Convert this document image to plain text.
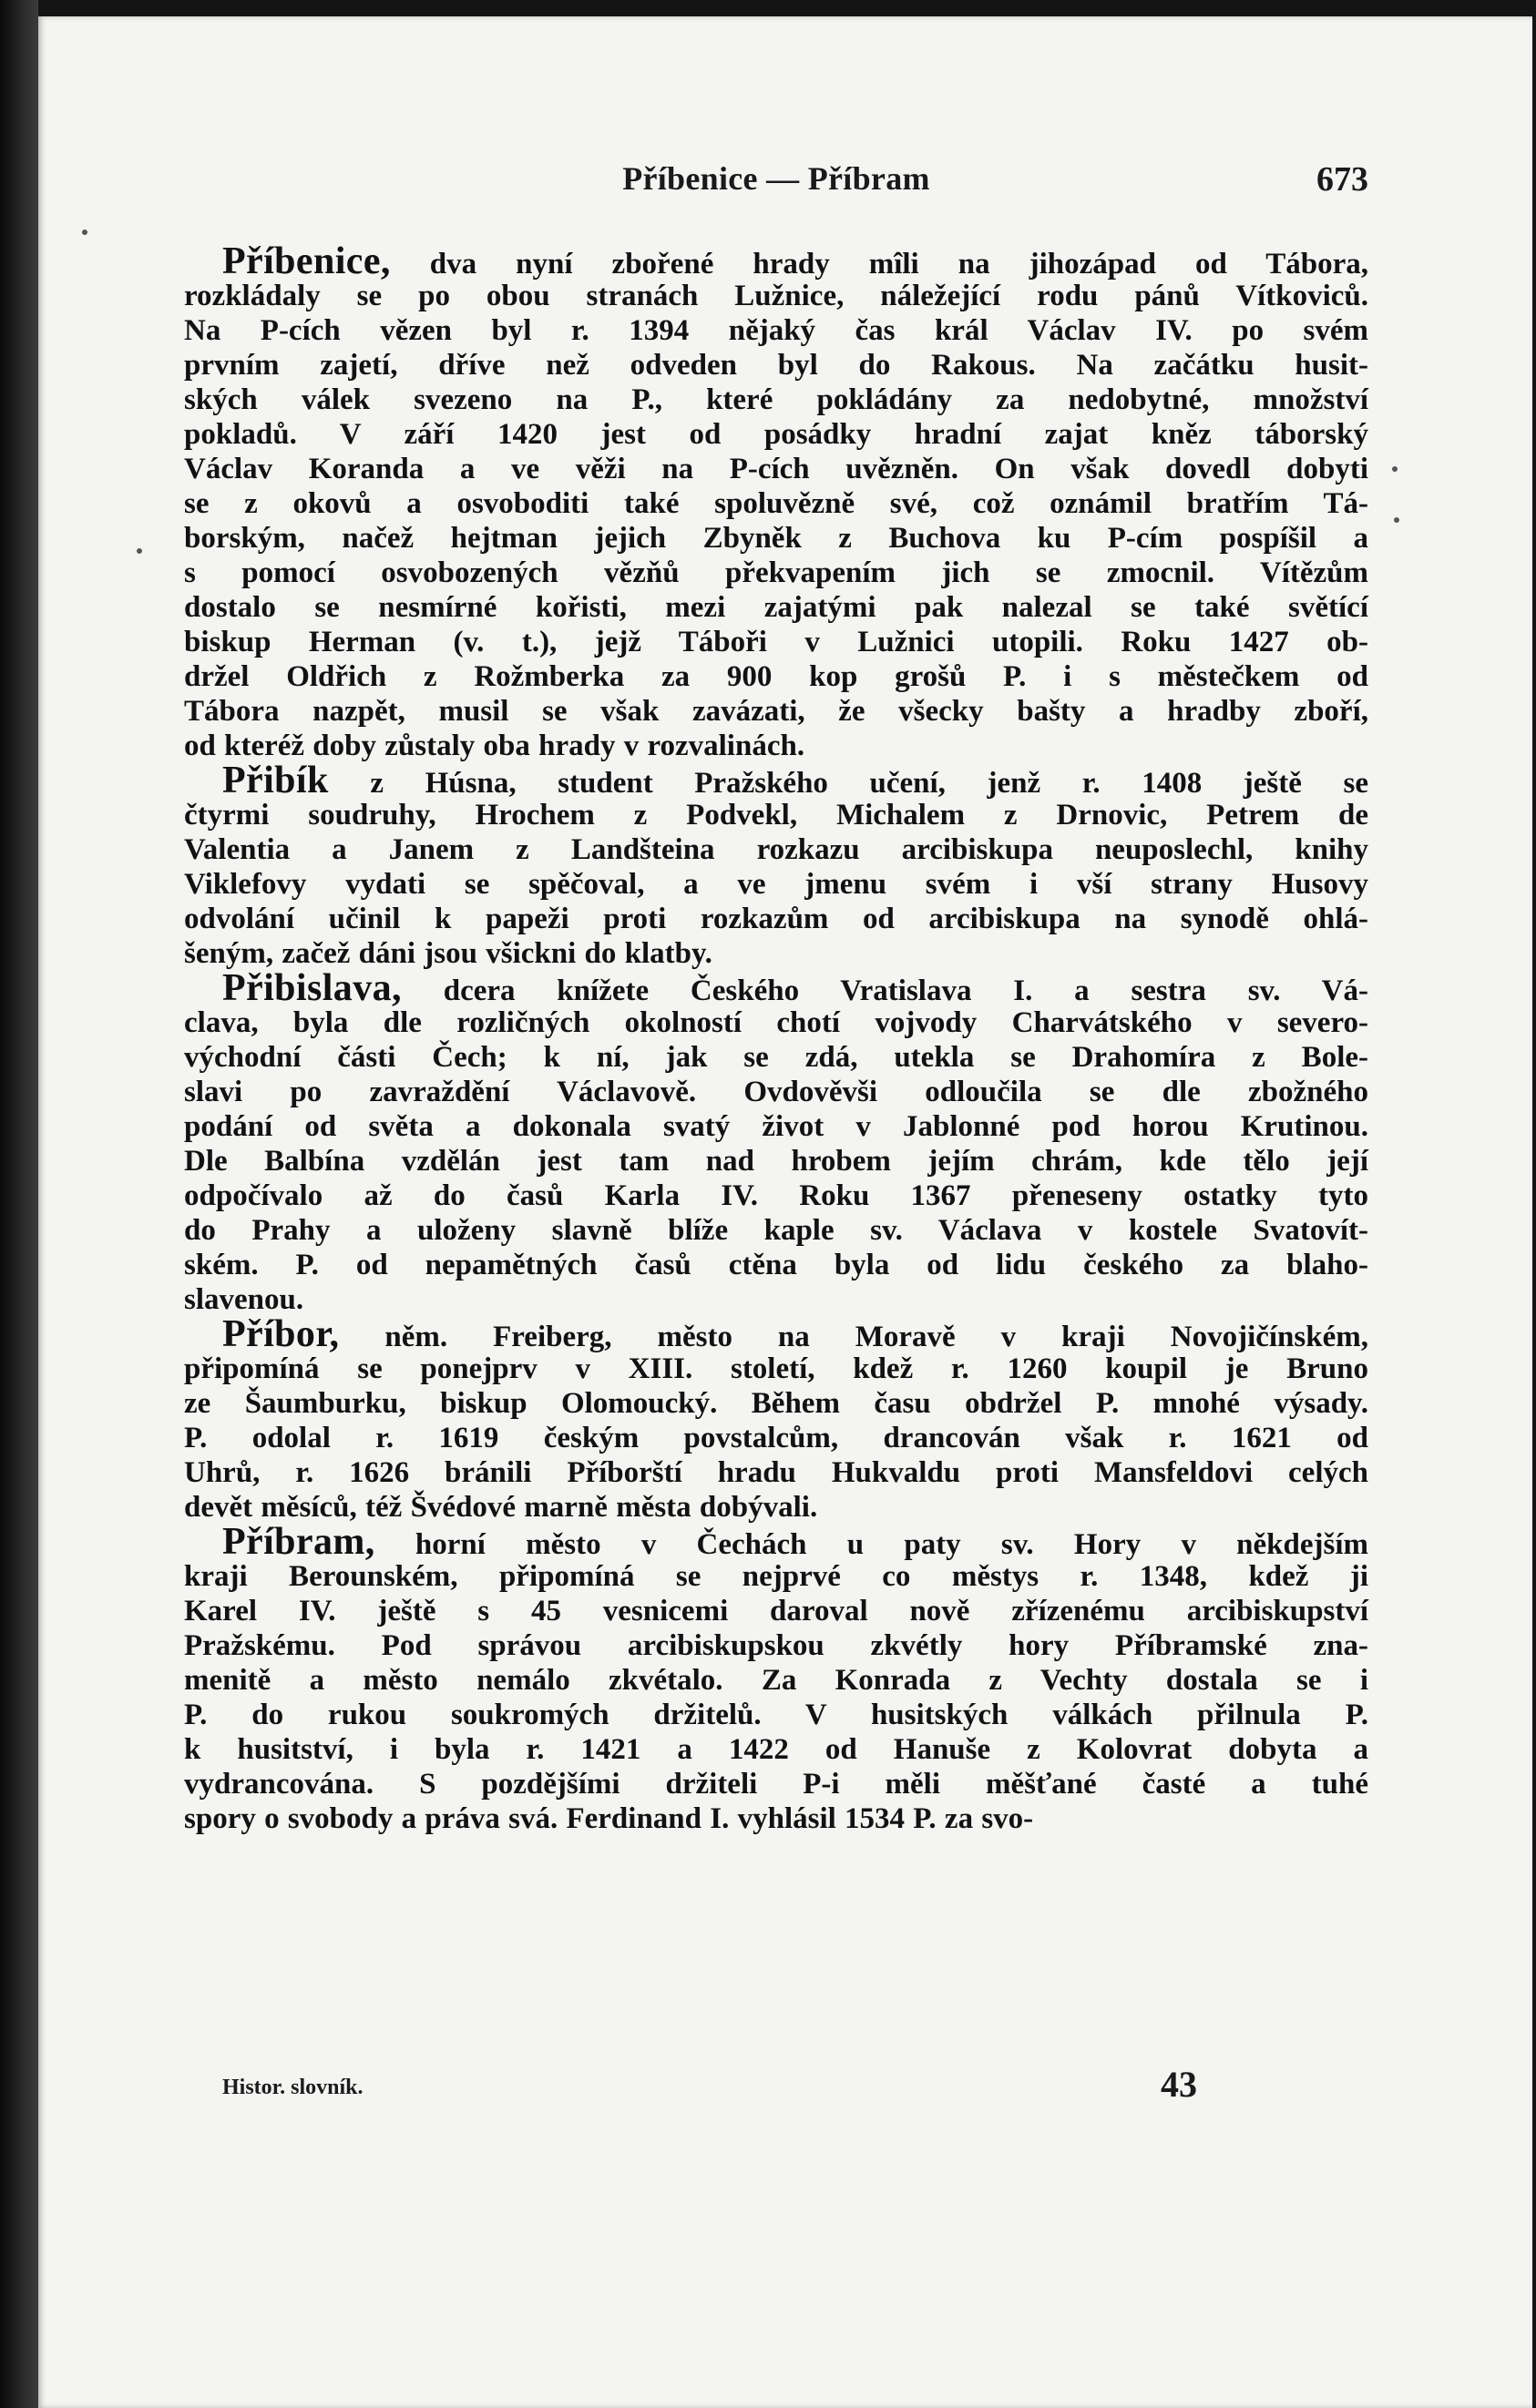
Příbenice — Příbram	673
Příbenice, dva nyní zbořené hrady mîli na jihozápad od Tábora,
rozkládaly se po obou stranách Lužnice, náležející rodu pánů Vítkoviců.
Na P-cích vězen byl r. 1394 nějaký čas král Václav IV. po svém
prvním zajetí, dříve než odveden byl do Rakous. Na začátku husit-
ských válek svezeno na P., které pokládány za nedobytné, množství
pokladů. V září 1420 jest od posádky hradní zajat kněz táborský
Václav Koranda a ve věži na P-cích uvězněn. On však dovedl dobyti
se z okovů a osvoboditi také spoluvězně své, což oznámil bratřím Tá-
borským, načež hejtman jejich Zbyněk z Buchova ku P-cím pospíšil a
s pomocí osvobozených vězňů překvapením jich se zmocnil. Vítězům
dostalo se nesmírné kořisti, mezi zajatými pak nalezal se také světící
biskup Herman (v. t.), jejž Táboři v Lužnici utopili. Roku 1427 ob-
držel Oldřich z Rožmberka za 900 kop grošů P. i s městečkem od
Tábora nazpět, musil se však zavázati, že všecky bašty a hradby zboří,
od kteréž doby zůstaly oba hrady v rozvalinách.
Přibík z Húsna, student Pražského učení, jenž r. 1408 ještě se
čtyrmi soudruhy, Hrochem z Podvekl, Michalem z Drnovic, Petrem de
Valentia a Janem z Landšteina rozkazu arcibiskupa neuposlechl, knihy
Viklefovy vydati se spěčoval, a ve jmenu svém i vší strany Husovy
odvolání učinil k papeži proti rozkazům od arcibiskupa na synodě ohlá-
šeným, začež dáni jsou všickni do klatby.
Přibislava, dcera knížete Českého Vratislava I. a sestra sv. Vá-
clava, byla dle rozličných okolností chotí vojvody Charvátského v severo-
východní části Čech; k ní, jak se zdá, utekla se Drahomíra z Bole-
slavi po zavraždění Václavově. Ovdověvši odloučila se dle zbožného
podání od světa a dokonala svatý život v Jablonné pod horou Krutinou.
Dle Balbína vzdělán jest tam nad hrobem jejím chrám, kde tělo její
odpočívalo až do časů Karla IV. Roku 1367 přeneseny ostatky tyto
do Prahy a uloženy slavně blíže kaple sv. Václava v kostele Svatovít-
ském. P. od nepamětných časů ctěna byla od lidu českého za blaho-
slavenou.
Příbor, něm. Freiberg, město na Moravě v kraji Novojičínském,
připomíná se ponejprv v XIII. století, kdež r. 1260 koupil je Bruno
ze Šaumburku, biskup Olomoucký. Během času obdržel P. mnohé výsady.
P. odolal r. 1619 českým povstalcům, drancován však r. 1621 od
Uhrů, r. 1626 bránili Příborští hradu Hukvaldu proti Mansfeldovi celých
devět měsíců, též Švédové marně města dobývali.
Příbram, horní město v Čechách u paty sv. Hory v někdejším
kraji Berounském, připomíná se nejprvé co městys r. 1348, kdež ji
Karel IV. ještě s 45 vesnicemi daroval nově zřízenému arcibiskupství
Pražskému. Pod správou arcibiskupskou zkvétly hory Příbramské zna-
menitě a město nemálo zkvétalo. Za Konrada z Vechty dostala se i
P. do rukou soukromých držitelů. V husitských válkách přilnula P.
k husitství, i byla r. 1421 a 1422 od Hanuše z Kolovrat dobyta a
vydrancována. S pozdějšími držiteli P-i měli měšťané časté a tuhé
spory o svobody a práva svá. Ferdinand I. vyhlásil 1534 P. za svo-
Histor. slovník.	43
